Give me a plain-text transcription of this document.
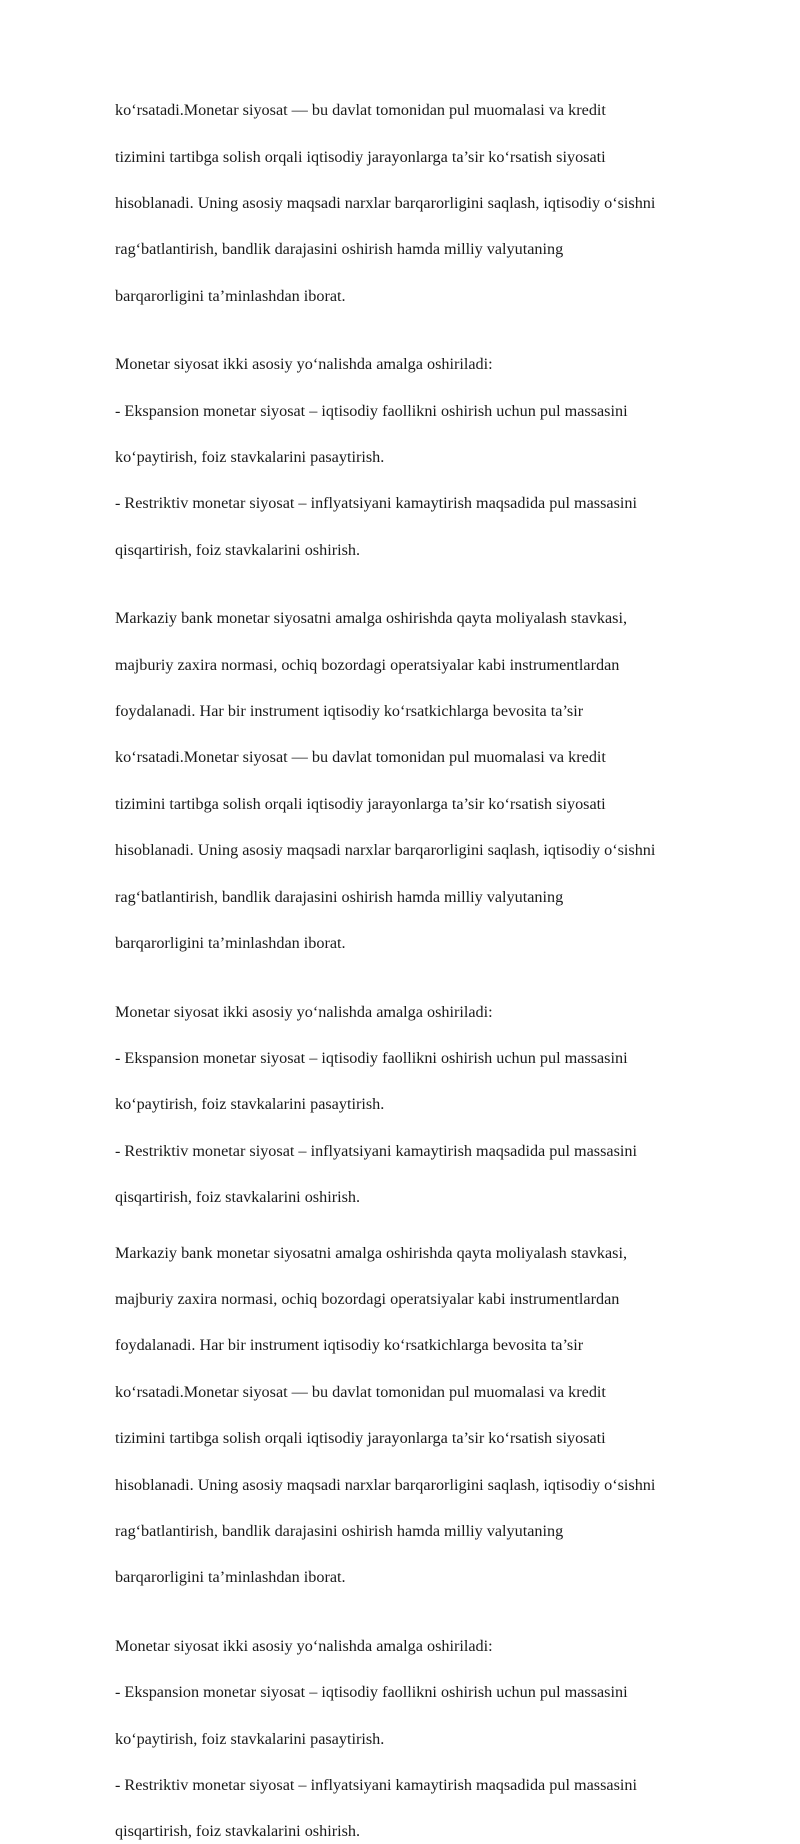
ko‘rsatadi.Monetar siyosat — bu davlat tomonidan pul muomalasi va kredit

tizimini tartibga solish orqali iqtisodiy jarayonlarga ta’sir ko‘rsatish siyosati

hisoblanadi. Uning asosiy maqsadi narxlar barqarorligini saqlash, iqtisodiy o‘sishni

rag‘batlantirish, bandlik darajasini oshirish hamda milliy valyutaning

barqarorligini ta’minlashdan iborat.

Monetar siyosat ikki asosiy yo‘nalishda amalga oshiriladi:

- Ekspansion monetar siyosat – iqtisodiy faollikni oshirish uchun pul massasini

ko‘paytirish, foiz stavkalarini pasaytirish.

- Restriktiv monetar siyosat – inflyatsiyani kamaytirish maqsadida pul massasini

qisqartirish, foiz stavkalarini oshirish.

Markaziy bank monetar siyosatni amalga oshirishda qayta moliyalash stavkasi,

majburiy zaxira normasi, ochiq bozordagi operatsiyalar kabi instrumentlardan

foydalanadi. Har bir instrument iqtisodiy ko‘rsatkichlarga bevosita ta’sir

ko‘rsatadi.Monetar siyosat — bu davlat tomonidan pul muomalasi va kredit

tizimini tartibga solish orqali iqtisodiy jarayonlarga ta’sir ko‘rsatish siyosati

hisoblanadi. Uning asosiy maqsadi narxlar barqarorligini saqlash, iqtisodiy o‘sishni

rag‘batlantirish, bandlik darajasini oshirish hamda milliy valyutaning

barqarorligini ta’minlashdan iborat.

Monetar siyosat ikki asosiy yo‘nalishda amalga oshiriladi:

- Ekspansion monetar siyosat – iqtisodiy faollikni oshirish uchun pul massasini

ko‘paytirish, foiz stavkalarini pasaytirish.

- Restriktiv monetar siyosat – inflyatsiyani kamaytirish maqsadida pul massasini

qisqartirish, foiz stavkalarini oshirish.

Markaziy bank monetar siyosatni amalga oshirishda qayta moliyalash stavkasi,

majburiy zaxira normasi, ochiq bozordagi operatsiyalar kabi instrumentlardan

foydalanadi. Har bir instrument iqtisodiy ko‘rsatkichlarga bevosita ta’sir

ko‘rsatadi.Monetar siyosat — bu davlat tomonidan pul muomalasi va kredit

tizimini tartibga solish orqali iqtisodiy jarayonlarga ta’sir ko‘rsatish siyosati

hisoblanadi. Uning asosiy maqsadi narxlar barqarorligini saqlash, iqtisodiy o‘sishni

rag‘batlantirish, bandlik darajasini oshirish hamda milliy valyutaning

barqarorligini ta’minlashdan iborat.

Monetar siyosat ikki asosiy yo‘nalishda amalga oshiriladi:

- Ekspansion monetar siyosat – iqtisodiy faollikni oshirish uchun pul massasini

ko‘paytirish, foiz stavkalarini pasaytirish.

- Restriktiv monetar siyosat – inflyatsiyani kamaytirish maqsadida pul massasini

qisqartirish, foiz stavkalarini oshirish.
